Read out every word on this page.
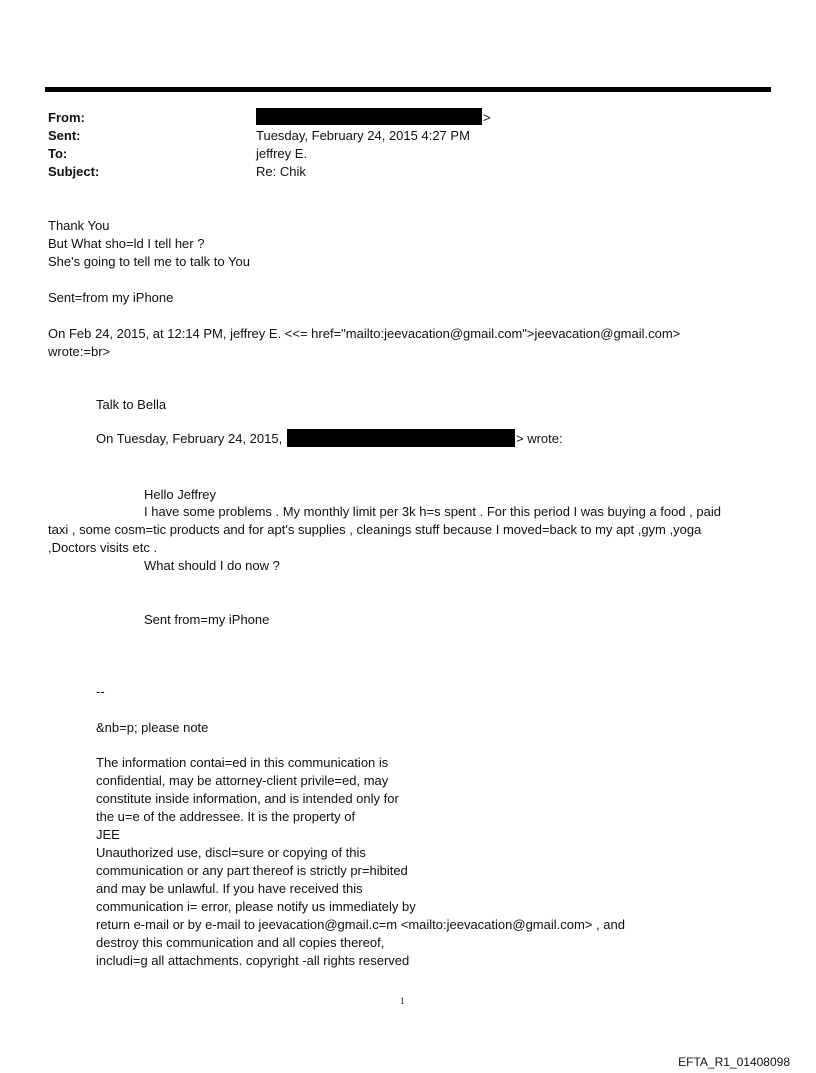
From:	>
Sent:	Tuesday, February 24, 2015 4:27 PM
To:	jeffrey E.
Subject:	Re: Chik
Thank You
But What sho=ld I tell her ?
She's going to tell me to talk to You
Sent=from my iPhone
On Feb 24, 2015, at 12:14 PM, jeffrey E. <<= href="mailto:jeevacation@gmail.com">jeevacation@gmail.com>
wrote:=br>
Talk to Bella
On Tuesday, February 24, 2015,	> wrote:
Hello Jeffrey
I have some problems . My monthly limit per 3k h=s spent . For this period I was buying a food , paid
taxi , some cosm=tic products and for apt's supplies , cleanings stuff because I moved=back to my apt ,gym ,yoga
,Doctors visits etc .
What should I do now ?
Sent from=my iPhone
--
&nb=p; please note
The information contai=ed in this communication is
confidential, may be attorney-client privile=ed, may
constitute inside information, and is intended only for
the u=e of the addressee. It is the property of
JEE
Unauthorized use, discl=sure or copying of this
communication or any part thereof is strictly pr=hibited
and may be unlawful. If you have received this
communication i= error, please notify us immediately by
return e-mail or by e-mail to jeevacation@gmail.c=m <mailto:jeevacation@gmail.com> , and
destroy this communication and all copies thereof,
includi=g all attachments. copyright -all rights reserved
1
EFTA_R1_01408098
